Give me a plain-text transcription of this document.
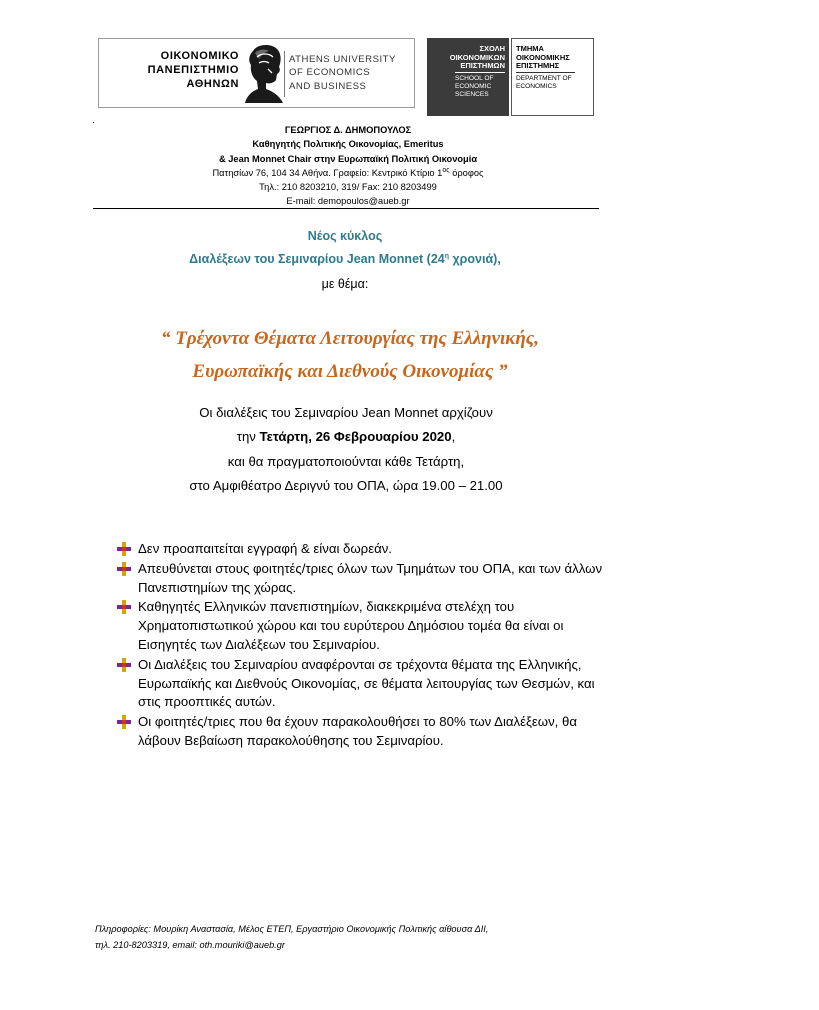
ΟΙΚΟΝΟΜΙΚΟ
ΠΑΝΕΠΙΣΤΗΜΙΟ
ΑΘΗΝΩΝ
ATHENS UNIVERSITY
OF ECONOMICS
AND BUSINESS
ΣΧΟΛΗ
ΟΙΚΟΝΟΜΙΚΩΝ
ΕΠΙΣΤΗΜΩΝ
SCHOOL OF
ECONOMIC
SCIENCES
ΤΜΗΜΑ
ΟΙΚΟΝΟΜΙΚΗΣ
ΕΠΙΣΤΗΜΗΣ
DEPARTMENT OF
ECONOMICS
ΓΕΩΡΓΙΟΣ Δ. ΔΗΜΟΠΟΥΛΟΣ
Καθηγητής Πολιτικής Οικονομίας, Emeritus
& Jean Monnet Chair στην Ευρωπαϊκή Πολιτική Οικονομία
Πατησίων 76, 104 34 Αθήνα. Γραφείο: Κεντρικό Κτίριο $1^{o\varsigma}$ όροφος
Τηλ.: 210 8203210, 319/ Fax: 210 8203499
E-mail: demopoulos@aueb.gr
Νέος κύκλος
Διαλέξεων του Σεμιναρίου Jean Monnet ($24^\eta$ χρονιά),
με θέμα:
“ Τρέχοντα Θέματα Λειτουργίας της Ελληνικής,
Ευρωπαϊκής και Διεθνούς Οικονομίας ”
Οι διαλέξεις του Σεμιναρίου Jean Monnet αρχίζουν
την Τετάρτη, 26 Φεβρουαρίου 2020,
και θα πραγματοποιούνται κάθε Τετάρτη,
στο Αμφιθέατρο Δεριγνύ του ΟΠΑ, ώρα 19.00 – 21.00
Δεν προαπαιτείται εγγραφή & είναι δωρεάν.
Απευθύνεται στους φοιτητές/τριες όλων των Τμημάτων του ΟΠΑ, και των άλλων Πανεπιστημίων της χώρας.
Καθηγητές Ελληνικών πανεπιστημίων, διακεκριμένα στελέχη του Χρηματοπιστωτικού χώρου και του ευρύτερου Δημόσιου τομέα θα είναι οι Εισηγητές των Διαλέξεων του Σεμιναρίου.
Οι Διαλέξεις του Σεμιναρίου αναφέρονται σε τρέχοντα θέματα της Ελληνικής, Ευρωπαϊκής και Διεθνούς Οικονομίας, σε θέματα λειτουργίας των Θεσμών, και στις προοπτικές αυτών.
Οι φοιτητές/τριες που θα έχουν παρακολουθήσει το 80% των Διαλέξεων, θα λάβουν Βεβαίωση παρακολούθησης του Σεμιναρίου.
Πληροφορίες: Μουρίκη Αναστασία, Μέλος ΕΤΕΠ, Εργαστήριο Οικονομικής Πολιτικής αίθουσα ΔΙΙ,
τηλ. 210-8203319, email: oth.mouriki@aueb.gr
